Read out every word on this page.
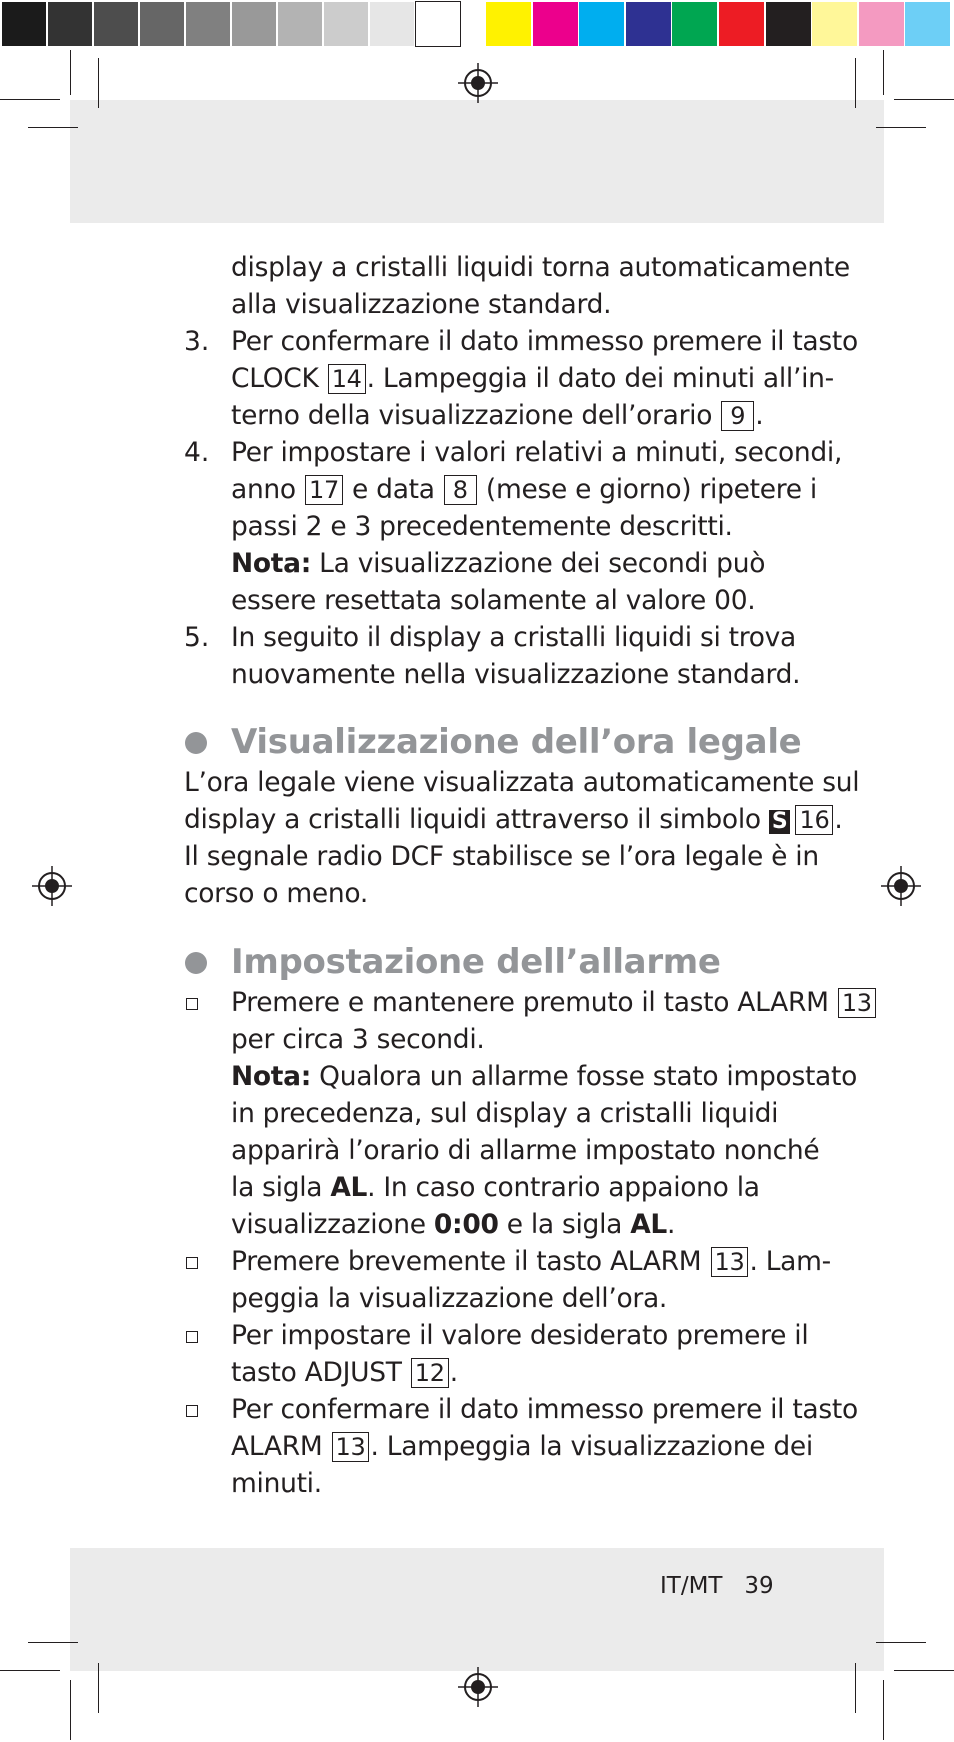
display a cristalli liquidi torna automaticamente
alla visualizzazione standard.
3. Per confermare il dato immesso premere il tasto
CLOCK 14 . Lampeggia il dato dei minuti all’in-
terno della visualizzazione dell’orario 9 .
4. Per impostare i valori relativi a minuti, secondi,
anno 17 e data 8 (mese e giorno) ripetere i
passi 2 e 3 precedentemente descritti.
Nota: La visualizzazione dei secondi può
essere resettata solamente al valore 00.
5. In seguito il display a cristalli liquidi si trova
nuovamente nella visualizzazione standard.
Visualizzazione dell’ora legale
L’ora legale viene visualizzata automaticamente sul
display a cristalli liquidi attraverso il simbolo S 16 .
Il segnale radio DCF stabilisce se l’ora legale è in
corso o meno.
Impostazione dell’allarme
Premere e mantenere premuto il tasto ALARM 13
per circa 3 secondi.
Nota: Qualora un allarme fosse stato impostato
in precedenza, sul display a cristalli liquidi
apparirà l’orario di allarme impostato nonché
la sigla AL. In caso contrario appaiono la
visualizzazione 0:00 e la sigla AL.
Premere brevemente il tasto ALARM 13 . Lam-
peggia la visualizzazione dell’ora.
Per impostare il valore desiderato premere il
tasto ADJUST 12 .
Per confermare il dato immesso premere il tasto
ALARM 13 . Lampeggia la visualizzazione dei
minuti.
IT/MT 39
